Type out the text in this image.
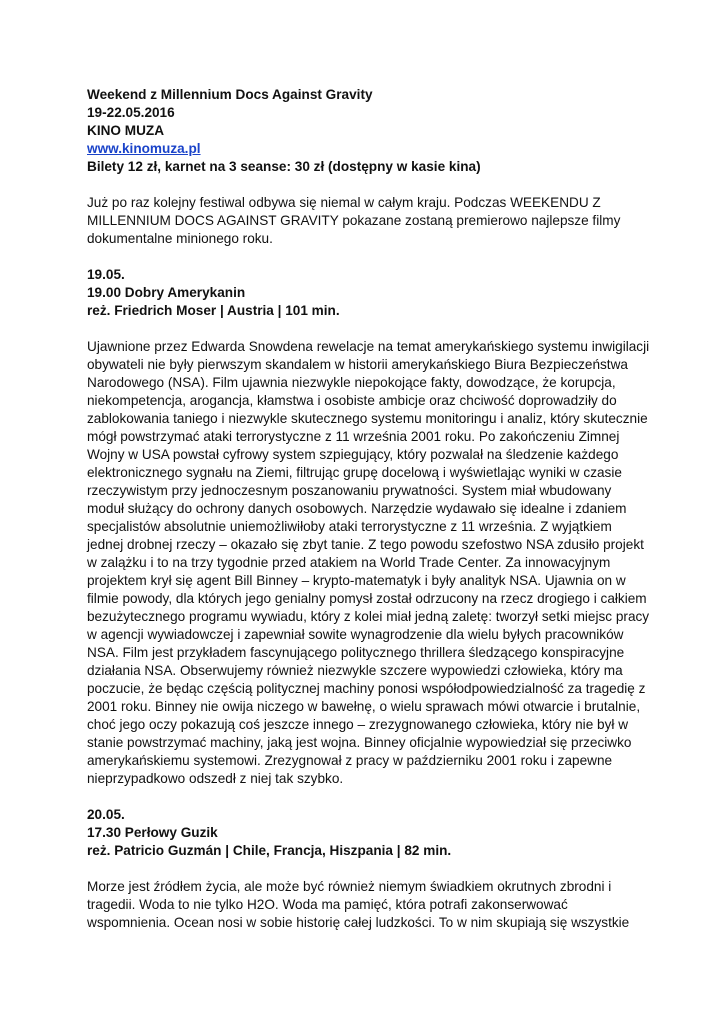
Weekend z Millennium Docs Against Gravity
19-22.05.2016
KINO MUZA
www.kinomuza.pl
Bilety 12 zł, karnet na 3 seanse: 30 zł (dostępny w kasie kina)
Już po raz kolejny festiwal odbywa się niemal w całym kraju. Podczas WEEKENDU Z
MILLENNIUM DOCS AGAINST GRAVITY pokazane zostaną premierowo najlepsze filmy
dokumentalne minionego roku.
19.05.
19.00 Dobry Amerykanin
reż. Friedrich Moser | Austria | 101 min.
Ujawnione przez Edwarda Snowdena rewelacje na temat amerykańskiego systemu inwigilacji
obywateli nie były pierwszym skandalem w historii amerykańskiego Biura Bezpieczeństwa
Narodowego (NSA). Film ujawnia niezwykle niepokojące fakty, dowodzące, że korupcja,
niekompetencja, arogancja, kłamstwa i osobiste ambicje oraz chciwość doprowadziły do
zablokowania taniego i niezwykle skutecznego systemu monitoringu i analiz, który skutecznie
mógł powstrzymać ataki terrorystyczne z 11 września 2001 roku. Po zakończeniu Zimnej
Wojny w USA powstał cyfrowy system szpiegujący, który pozwalał na śledzenie każdego
elektronicznego sygnału na Ziemi, filtrując grupę docelową i wyświetlając wyniki w czasie
rzeczywistym przy jednoczesnym poszanowaniu prywatności. System miał wbudowany
moduł służący do ochrony danych osobowych. Narzędzie wydawało się idealne i zdaniem
specjalistów absolutnie uniemożliwiłoby ataki terrorystyczne z 11 września. Z wyjątkiem
jednej drobnej rzeczy – okazało się zbyt tanie. Z tego powodu szefostwo NSA zdusiło projekt
w zalążku i to na trzy tygodnie przed atakiem na World Trade Center. Za innowacyjnym
projektem krył się agent Bill Binney – krypto-matematyk i były analityk NSA. Ujawnia on w
filmie powody, dla których jego genialny pomysł został odrzucony na rzecz drogiego i całkiem
bezużytecznego programu wywiadu, który z kolei miał jedną zaletę: tworzył setki miejsc pracy
w agencji wywiadowczej i zapewniał sowite wynagrodzenie dla wielu byłych pracowników
NSA. Film jest przykładem fascynującego politycznego thrillera śledzącego konspiracyjne
działania NSA. Obserwujemy również niezwykle szczere wypowiedzi człowieka, który ma
poczucie, że będąc częścią politycznej machiny ponosi współodpowiedzialność za tragedię z
2001 roku. Binney nie owija niczego w bawełnę, o wielu sprawach mówi otwarcie i brutalnie,
choć jego oczy pokazują coś jeszcze innego – zrezygnowanego człowieka, który nie był w
stanie powstrzymać machiny, jaką jest wojna. Binney oficjalnie wypowiedział się przeciwko
amerykańskiemu systemowi. Zrezygnował z pracy w październiku 2001 roku i zapewne
nieprzypadkowo odszedł z niej tak szybko.
20.05.
17.30 Perłowy Guzik
reż. Patricio Guzmán | Chile, Francja, Hiszpania | 82 min.
Morze jest źródłem życia, ale może być również niemym świadkiem okrutnych zbrodni i
tragedii. Woda to nie tylko H2O. Woda ma pamięć, która potrafi zakonserwować
wspomnienia. Ocean nosi w sobie historię całej ludzkości. To w nim skupiają się wszystkie
